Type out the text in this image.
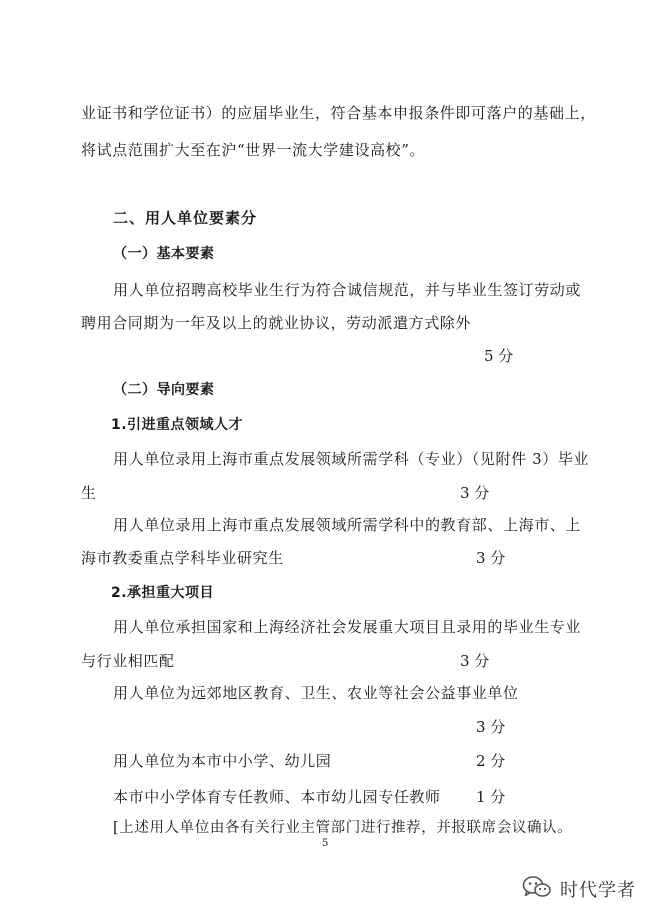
业证书和学位证书）的应届毕业生，符合基本申报条件即可落户的基础上，
将试点范围扩大至在沪“世界一流大学建设高校”。
二、用人单位要素分
（一）基本要素
用人单位招聘高校毕业生行为符合诚信规范，并与毕业生签订劳动或
聘用合同期为一年及以上的就业协议，劳动派遣方式除外
5 分
（二）导向要素
1.引进重点领域人才
用人单位录用上海市重点发展领域所需学科（专业）（见附件 3）毕业
生	3 分
用人单位录用上海市重点发展领域所需学科中的教育部、上海市、上
海市教委重点学科毕业研究生	3 分
2.承担重大项目
用人单位承担国家和上海经济社会发展重大项目且录用的毕业生专业
与行业相匹配	3 分
用人单位为远郊地区教育、卫生、农业等社会公益事业单位
3 分
用人单位为本市中小学、幼儿园	2 分
本市中小学体育专任教师、本市幼儿园专任教师 1 分
[上述用人单位由各有关行业主管部门进行推荐，并报联席会议确认。
5
时代学者
